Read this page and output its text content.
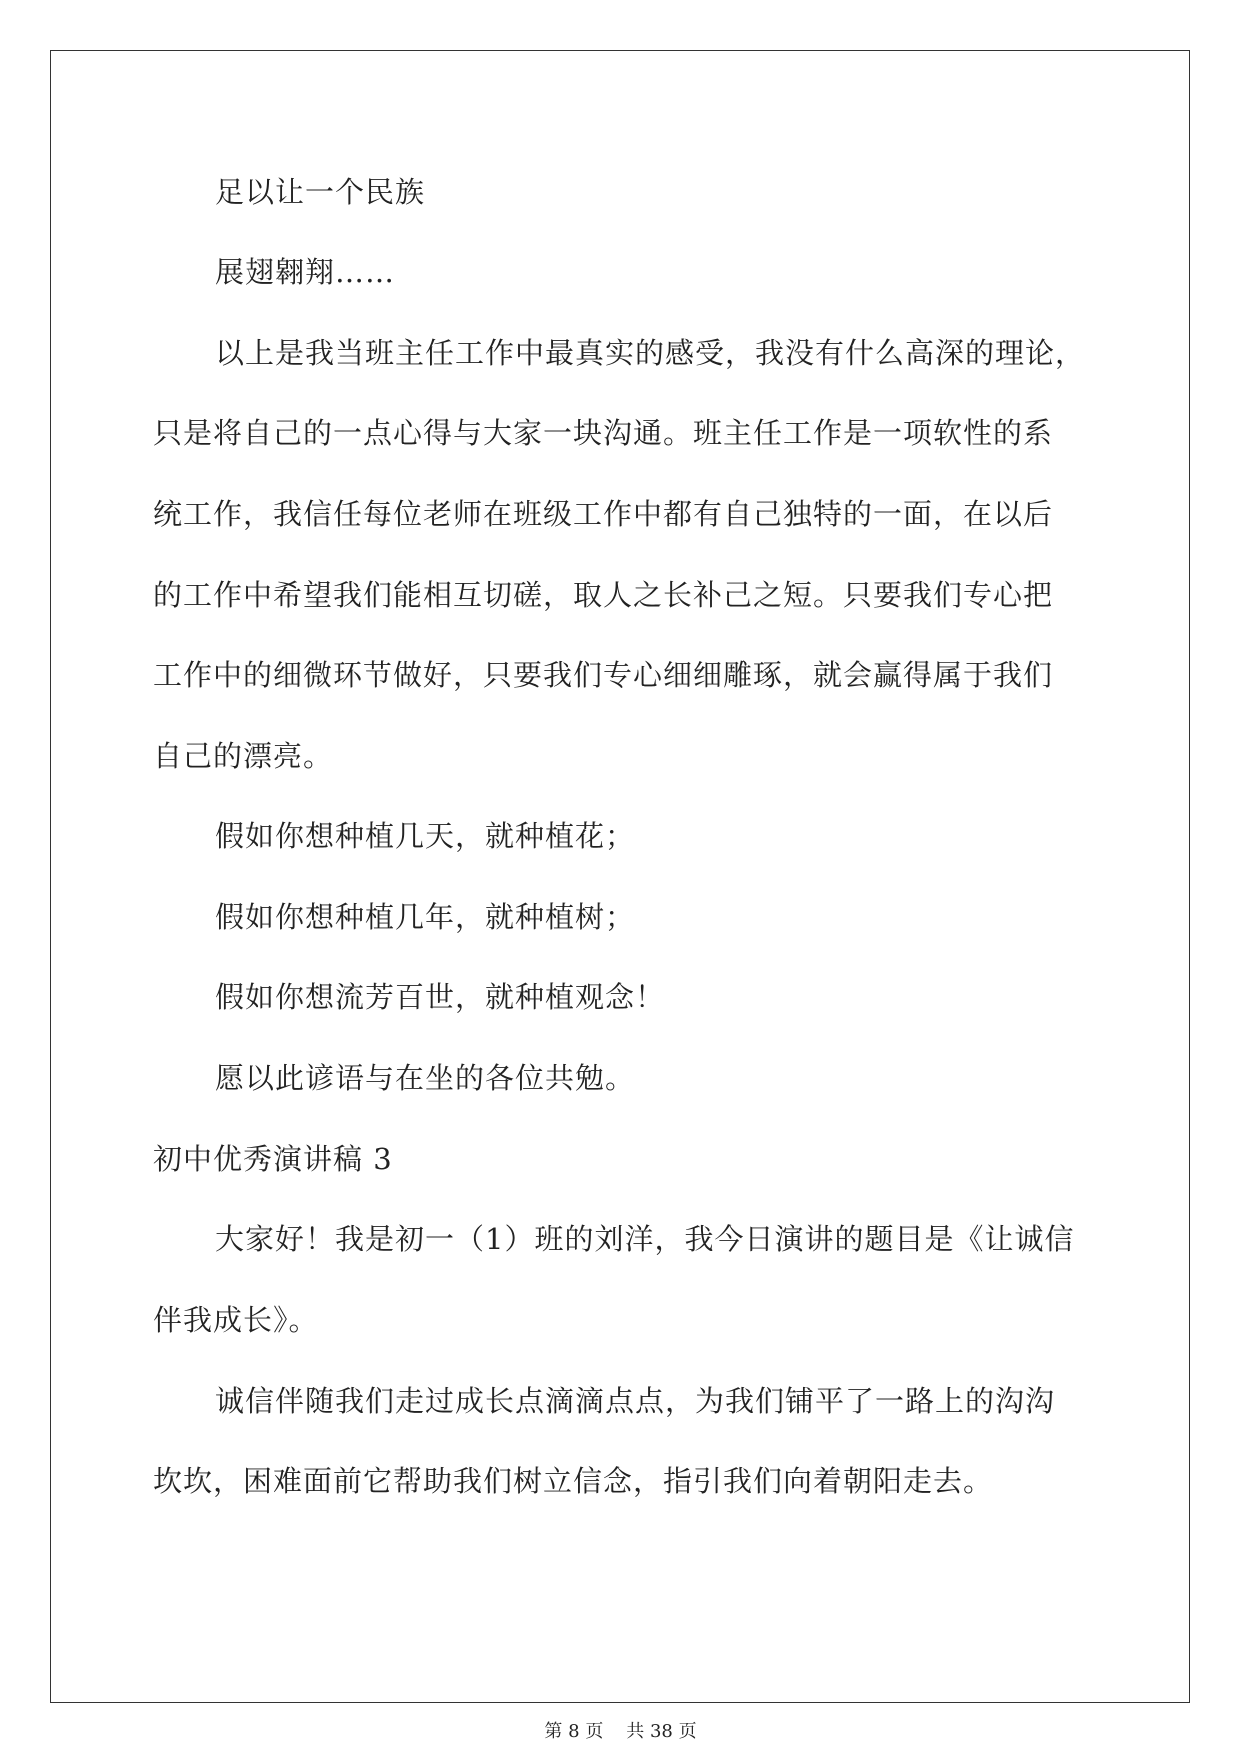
足以让一个民族

展翅翱翔……

以上是我当班主任工作中最真实的感受，我没有什么高深的理论，

只是将自己的一点心得与大家一块沟通。班主任工作是一项软性的系

统工作，我信任每位老师在班级工作中都有自己独特的一面，在以后

的工作中希望我们能相互切磋，取人之长补己之短。只要我们专心把

工作中的细微环节做好，只要我们专心细细雕琢，就会赢得属于我们

自己的漂亮。

假如你想种植几天，就种植花；

假如你想种植几年，就种植树；

假如你想流芳百世，就种植观念！

愿以此谚语与在坐的各位共勉。

初中优秀演讲稿 3

大家好！我是初一（1）班的刘洋，我今日演讲的题目是《让诚信

伴我成长》。

诚信伴随我们走过成长点滴滴点点，为我们铺平了一路上的沟沟

坎坎，困难面前它帮助我们树立信念，指引我们向着朝阳走去。

第 8 页 共 38 页
